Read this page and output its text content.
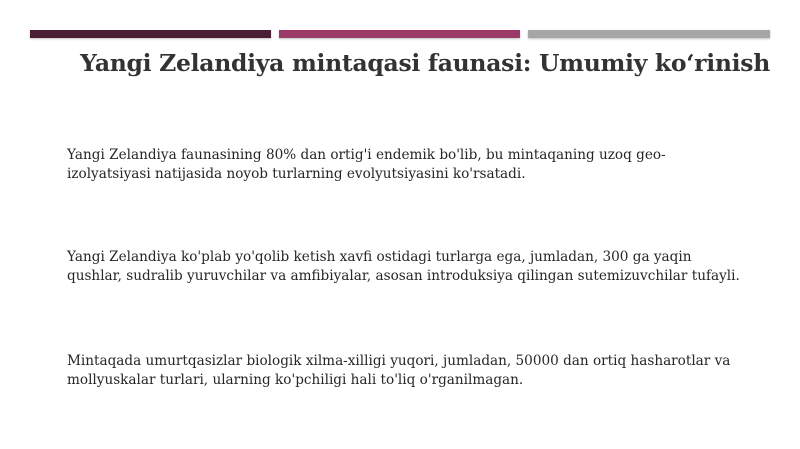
Yangi Zelandiya mintaqasi faunasi: Umumiy ko‘rinish

Yangi Zelandiya faunasining 80% dan ortig'i endemik bo'lib, bu mintaqaning uzoq geo-izolyatsiyasi natijasida noyob turlarning evolyutsiyasini ko'rsatadi.

Yangi Zelandiya ko'plab yo'qolib ketish xavfi ostidagi turlarga ega, jumladan, 300 ga yaqin qushlar, sudralib yuruvchilar va amfibiyalar, asosan introduksiya qilingan sutemizuvchilar tufayli.

Mintaqada umurtqasizlar biologik xilma-xilligi yuqori, jumladan, 50000 dan ortiq hasharotlar va mollyuskalar turlari, ularning ko'pchiligi hali to'liq o'rganilmagan.
